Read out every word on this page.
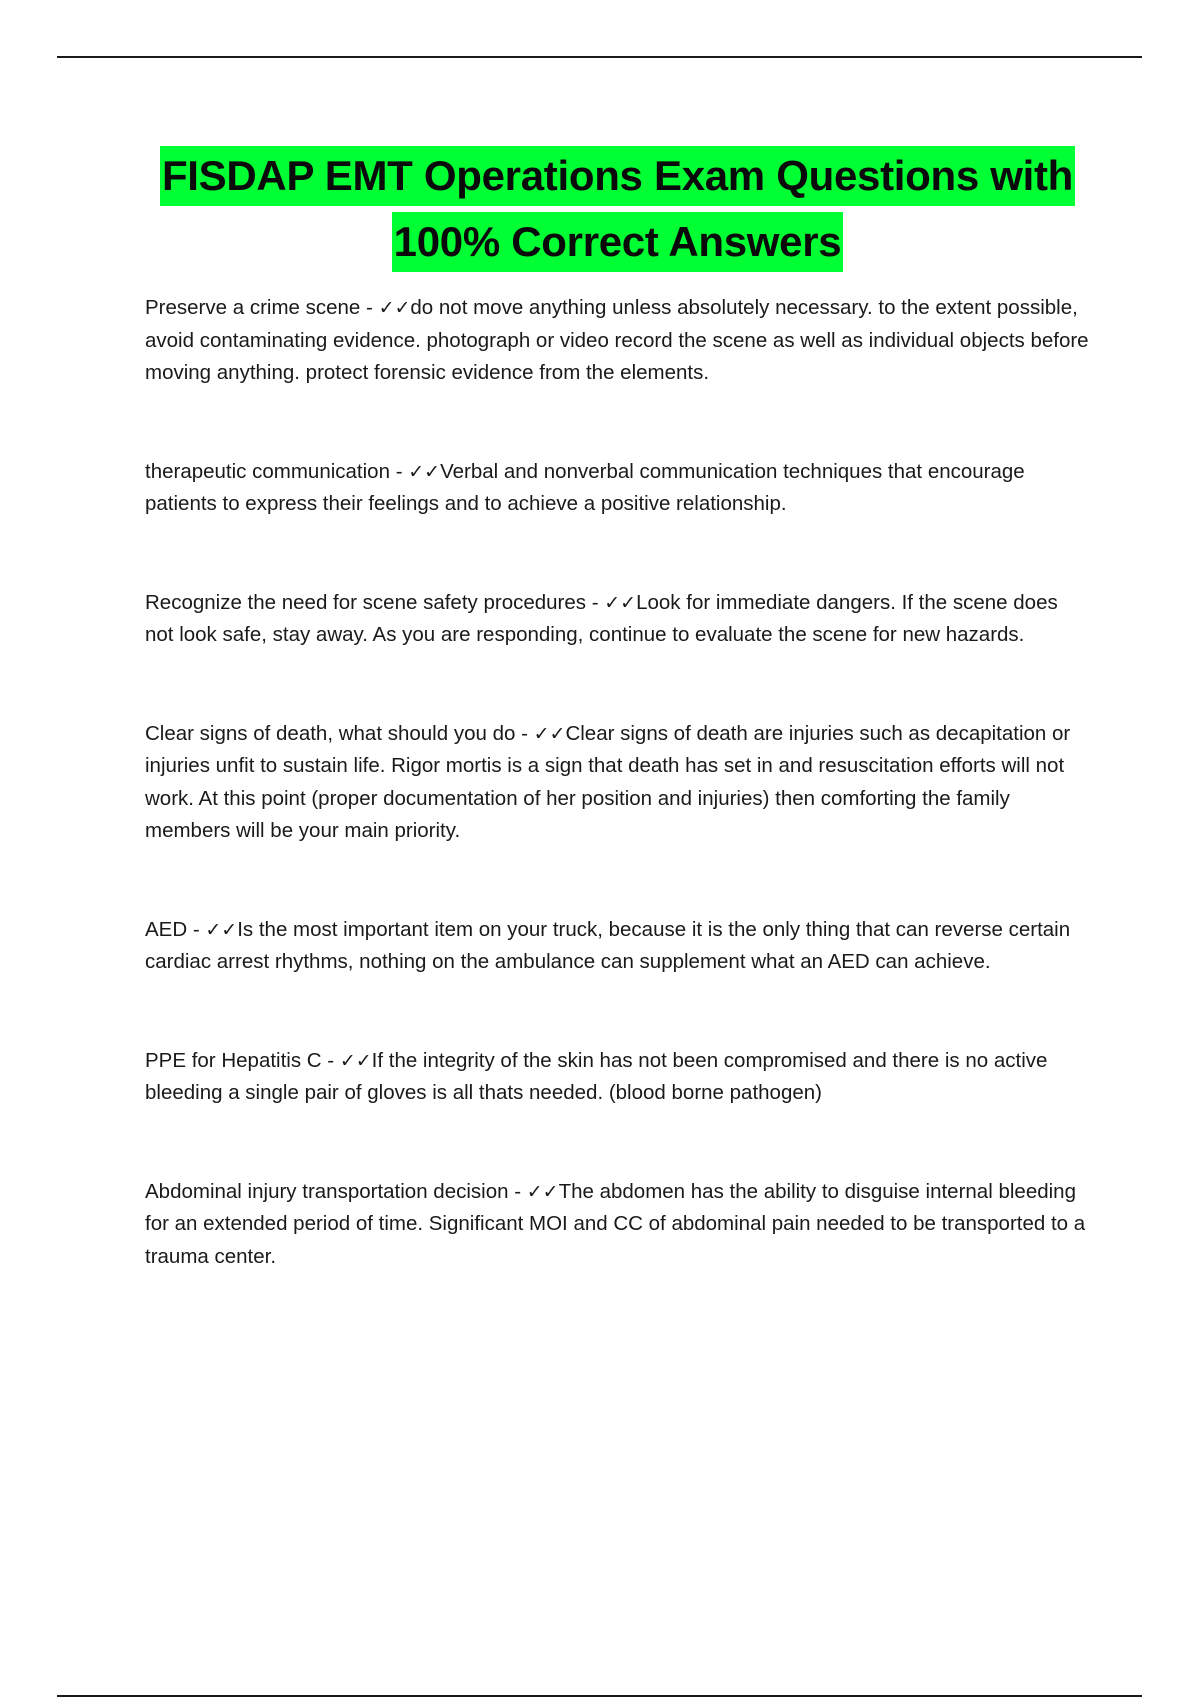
FISDAP EMT Operations Exam Questions with
100% Correct Answers

Preserve a crime scene - ✓✓do not move anything unless absolutely necessary. to the extent possible, avoid contaminating evidence. photograph or video record the scene as well as individual objects before moving anything. protect forensic evidence from the elements.

therapeutic communication - ✓✓Verbal and nonverbal communication techniques that encourage patients to express their feelings and to achieve a positive relationship.

Recognize the need for scene safety procedures - ✓✓Look for immediate dangers. If the scene does not look safe, stay away. As you are responding, continue to evaluate the scene for new hazards.

Clear signs of death, what should you do - ✓✓Clear signs of death are injuries such as decapitation or injuries unfit to sustain life. Rigor mortis is a sign that death has set in and resuscitation efforts will not work. At this point (proper documentation of her position and injuries) then comforting the family members will be your main priority.

AED - ✓✓Is the most important item on your truck, because it is the only thing that can reverse certain cardiac arrest rhythms, nothing on the ambulance can supplement what an AED can achieve.

PPE for Hepatitis C - ✓✓If the integrity of the skin has not been compromised and there is no active bleeding a single pair of gloves is all thats needed. (blood borne pathogen)

Abdominal injury transportation decision - ✓✓The abdomen has the ability to disguise internal bleeding for an extended period of time. Significant MOI and CC of abdominal pain needed to be transported to a trauma center.
